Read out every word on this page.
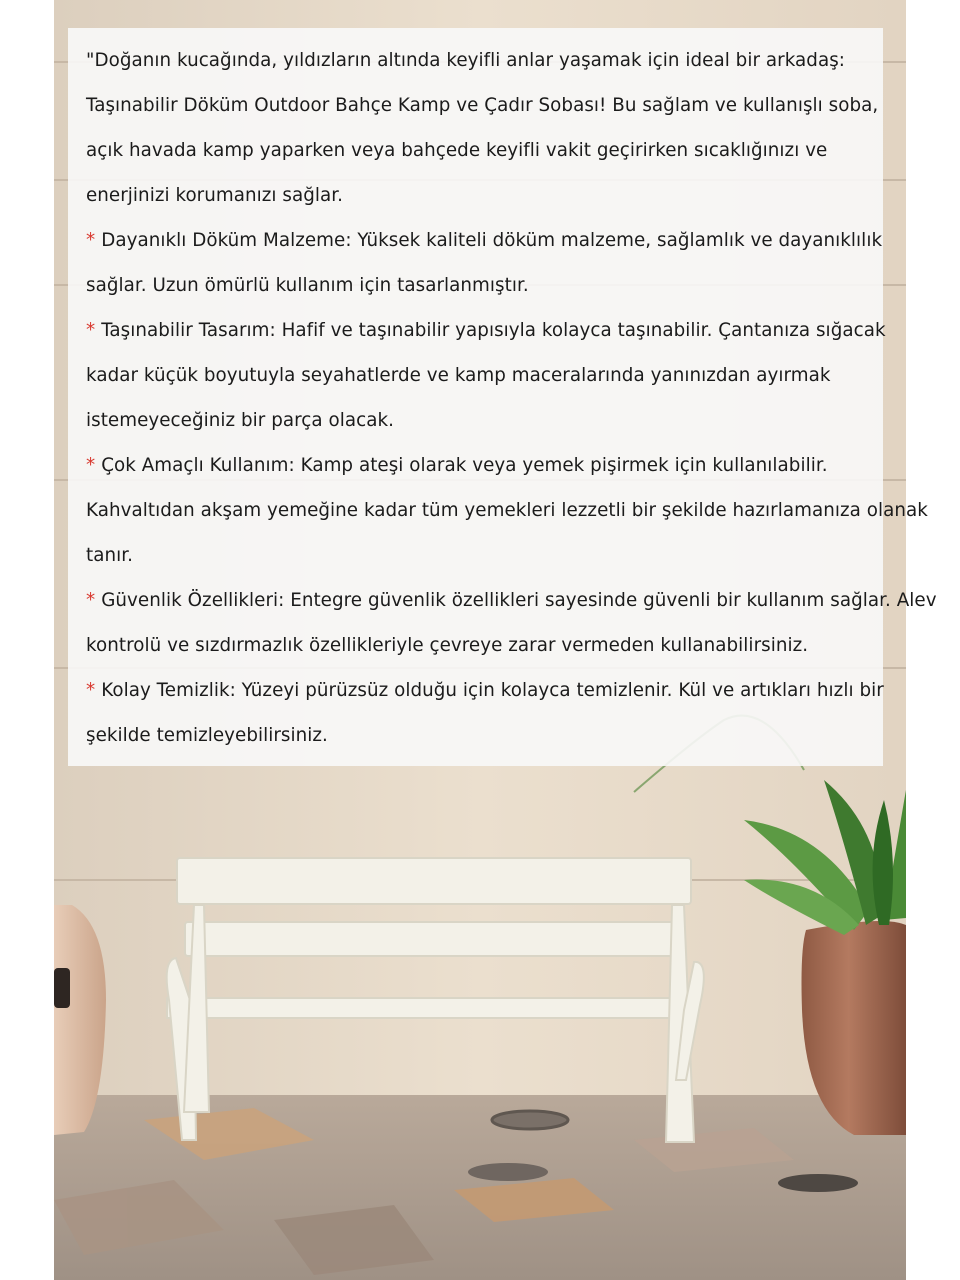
"Doğanın kucağında, yıldızların altında keyifli anlar yaşamak için ideal bir arkadaş:

Taşınabilir Döküm Outdoor Bahçe Kamp ve Çadır Sobası! Bu sağlam ve kullanışlı soba,

açık havada kamp yaparken veya bahçede keyifli vakit geçirirken sıcaklığınızı ve

enerjinizi korumanızı sağlar.

* Dayanıklı Döküm Malzeme: Yüksek kaliteli döküm malzeme, sağlamlık ve dayanıklılık

sağlar. Uzun ömürlü kullanım için tasarlanmıştır.

* Taşınabilir Tasarım: Hafif ve taşınabilir yapısıyla kolayca taşınabilir. Çantanıza sığacak

kadar küçük boyutuyla seyahatlerde ve kamp maceralarında yanınızdan ayırmak

istemeyeceğiniz bir parça olacak.

* Çok Amaçlı Kullanım: Kamp ateşi olarak veya yemek pişirmek için kullanılabilir.

Kahvaltıdan akşam yemeğine kadar tüm yemekleri lezzetli bir şekilde hazırlamanıza olanak

tanır.

* Güvenlik Özellikleri: Entegre güvenlik özellikleri sayesinde güvenli bir kullanım sağlar. Alev

kontrolü ve sızdırmazlık özellikleriyle çevreye zarar vermeden kullanabilirsiniz.

* Kolay Temizlik: Yüzeyi pürüzsüz olduğu için kolayca temizlenir. Kül ve artıkları hızlı bir

şekilde temizleyebilirsiniz.
